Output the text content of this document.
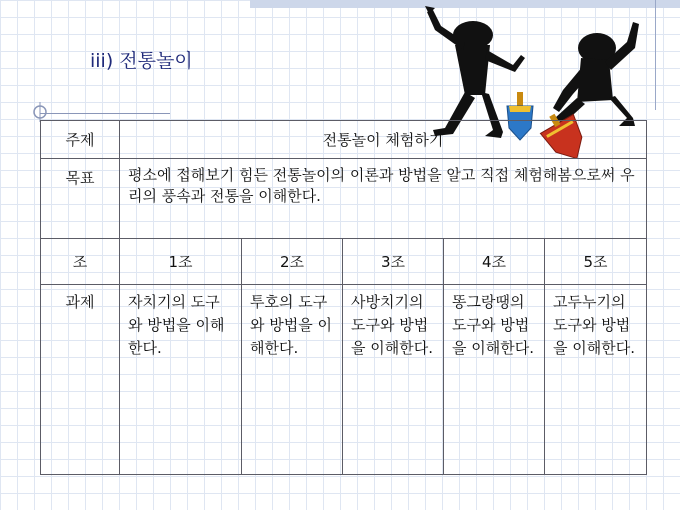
iii) 전통놀이
주제	전통놀이 체험하기				
목표	평소에 접해보기 힘든 전통놀이의 이론과 방법을 알고 직접 체험해봄으로써 우리의 풍속과 전통을 이해한다.				
조	1조	2조	3조	4조	5조
과제	자치기의 도구와 방법을 이해한다.	투호의 도구와 방법을 이해한다.	사방치기의 도구와 방법을 이해한다.	똥그랑땡의 도구와 방법을 이해한다.	고두누기의 도구와 방법을 이해한다.
